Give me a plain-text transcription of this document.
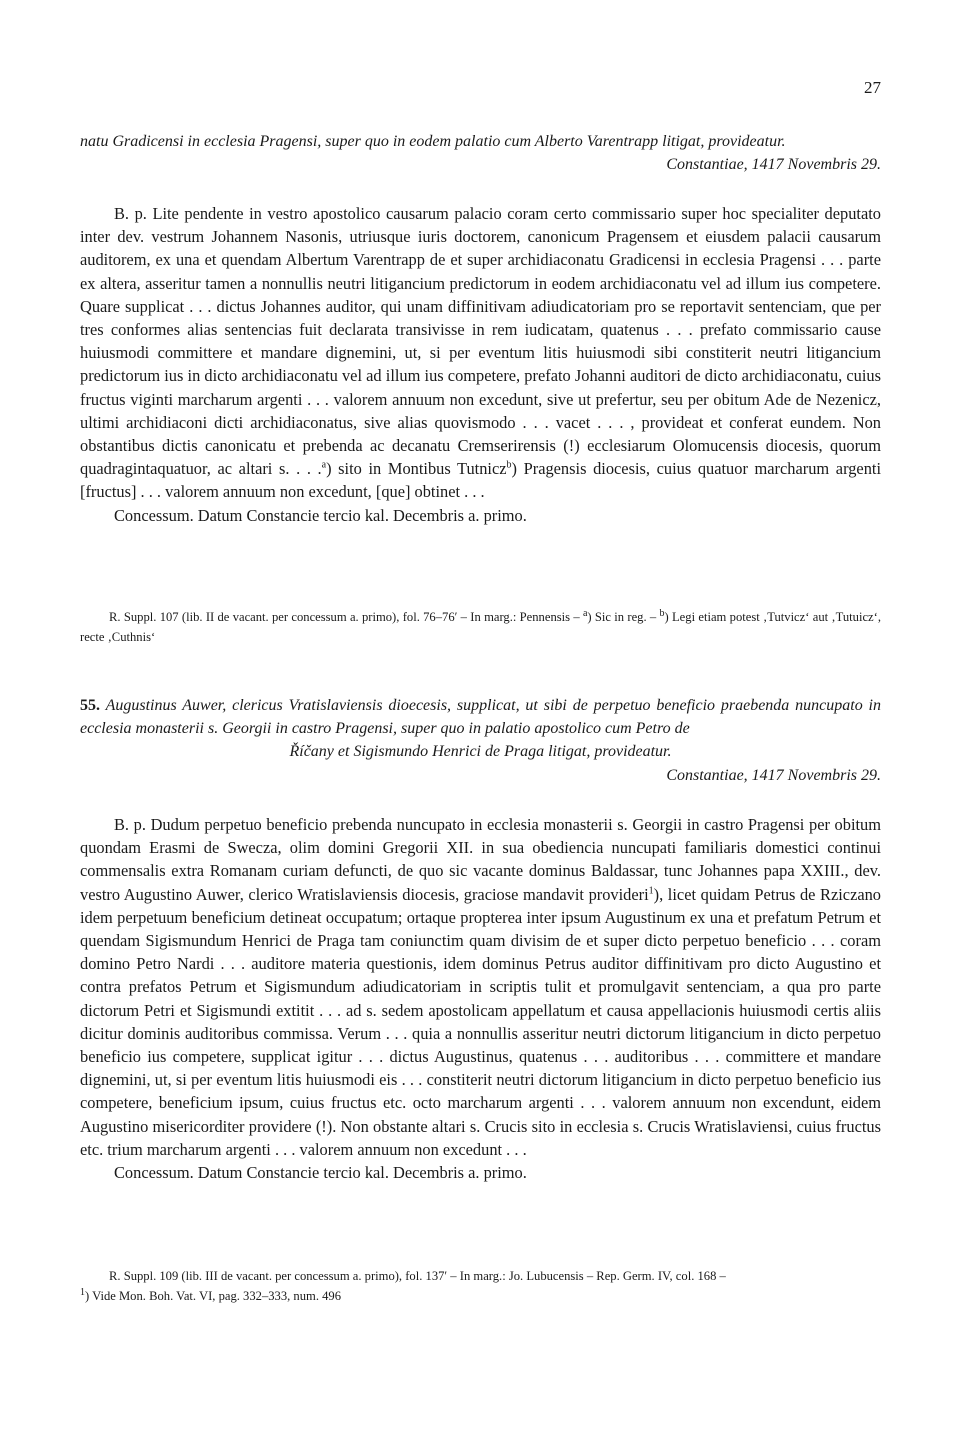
27
natu Gradicensi in ecclesia Pragensi, super quo in eodem palatio cum Alberto Varentrapp litigat, provideatur.
Constantiae, 1417 Novembris 29.

B. p. Lite pendente in vestro apostolico causarum palacio coram certo commissario super hoc specialiter deputato inter dev. vestrum Johannem Nasonis, utriusque iuris doctorem, canonicum Pragensem et eiusdem palacii causarum auditorem, ex una et quendam Albertum Varentrapp de et super archidiaconatu Gradicensi in ecclesia Pragensi . . . parte ex altera, asseritur tamen a nonnullis neutri litigancium predictorum in eodem archidiaconatu vel ad illum ius competere. Quare supplicat . . . dictus Johannes auditor, qui unam diffinitivam adiudicatoriam pro se reportavit sentenciam, que per tres conformes alias sentencias fuit declarata transivisse in rem iudicatam, quatenus . . . prefato commissario cause huiusmodi committere et mandare dignemini, ut, si per eventum litis huiusmodi sibi constiterit neutri litigancium predictorum ius in dicto archidiaconatu vel ad illum ius competere, prefato Johanni auditori de dicto archidiaconatu, cuius fructus viginti marcharum argenti . . . valorem annuum non excedunt, sive ut prefertur, seu per obitum Ade de Nezenicz, ultimi archidiaconi dicti archidiaconatus, sive alias quovismodo . . . vacet . . . , provideat et conferat eundem. Non obstantibus dictis canonicatu et prebenda ac decanatu Cremserirensis (!) ecclesiarum Olomucensis diocesis, quorum quadragintaquatuor, ac altari s. . . .$^a$) sito in Montibus Tutnicz$^b$) Pragensis diocesis, cuius quatuor marcharum argenti [fructus] . . . valorem annuum non excedunt, [que] obtinet . . .

Concessum. Datum Constancie tercio kal. Decembris a. primo.

R. Suppl. 107 (lib. II de vacant. per concessum a. primo), fol. 76–76′ – In marg.: Pennensis – $^a$) Sic in reg. – $^b$) Legi etiam potest ‚Tutvicz‘ aut ‚Tutuicz‘, recte ‚Cuthnis‘

55. Augustinus Auwer, clericus Vratislaviensis dioecesis, supplicat, ut sibi de perpetuo beneficio praebenda nuncupato in ecclesia monasterii s. Georgii in castro Pragensi, super quo in palatio apostolico cum Petro de
Říčany et Sigismundo Henrici de Praga litigat, provideatur.
Constantiae, 1417 Novembris 29.

B. p. Dudum perpetuo beneficio prebenda nuncupato in ecclesia monasterii s. Georgii in castro Pragensi per obitum quondam Erasmi de Swecza, olim domini Gregorii XII. in sua obediencia nuncupati familiaris domestici continui commensalis extra Romanam curiam defuncti, de quo sic vacante dominus Baldassar, tunc Johannes papa XXIII., dev. vestro Augustino Auwer, clerico Wratislaviensis diocesis, graciose mandavit provideri$^1$), licet quidam Petrus de Rziczano idem perpetuum beneficium detineat occupatum; ortaque propterea inter ipsum Augustinum ex una et prefatum Petrum et quendam Sigismundum Henrici de Praga tam coniunctim quam divisim de et super dicto perpetuo beneficio . . . coram domino Petro Nardi . . . auditore materia questionis, idem dominus Petrus auditor diffinitivam pro dicto Augustino et contra prefatos Petrum et Sigismundum adiudicatoriam in scriptis tulit et promulgavit sentenciam, a qua pro parte dictorum Petri et Sigismundi extitit . . . ad s. sedem apostolicam appellatum et causa appellacionis huiusmodi certis aliis dicitur dominis auditoribus commissa. Verum . . . quia a nonnullis asseritur neutri dictorum litigancium in dicto perpetuo beneficio ius competere, supplicat igitur . . . dictus Augustinus, quatenus . . . auditoribus . . . committere et mandare dignemini, ut, si per eventum litis huiusmodi eis . . . constiterit neutri dictorum litigancium in dicto perpetuo beneficio ius competere, beneficium ipsum, cuius fructus etc. octo marcharum argenti . . . valorem annuum non excendunt, eidem Augustino misericorditer providere (!). Non obstante altari s. Crucis sito in ecclesia s. Crucis Wratislaviensi, cuius fructus etc. trium marcharum argenti . . . valorem annuum non excedunt . . .

Concessum. Datum Constancie tercio kal. Decembris a. primo.

R. Suppl. 109 (lib. III de vacant. per concessum a. primo), fol. 137′ – In marg.: Jo. Lubucensis – Rep. Germ. IV, col. 168 –

$^1$) Vide Mon. Boh. Vat. VI, pag. 332–333, num. 496
